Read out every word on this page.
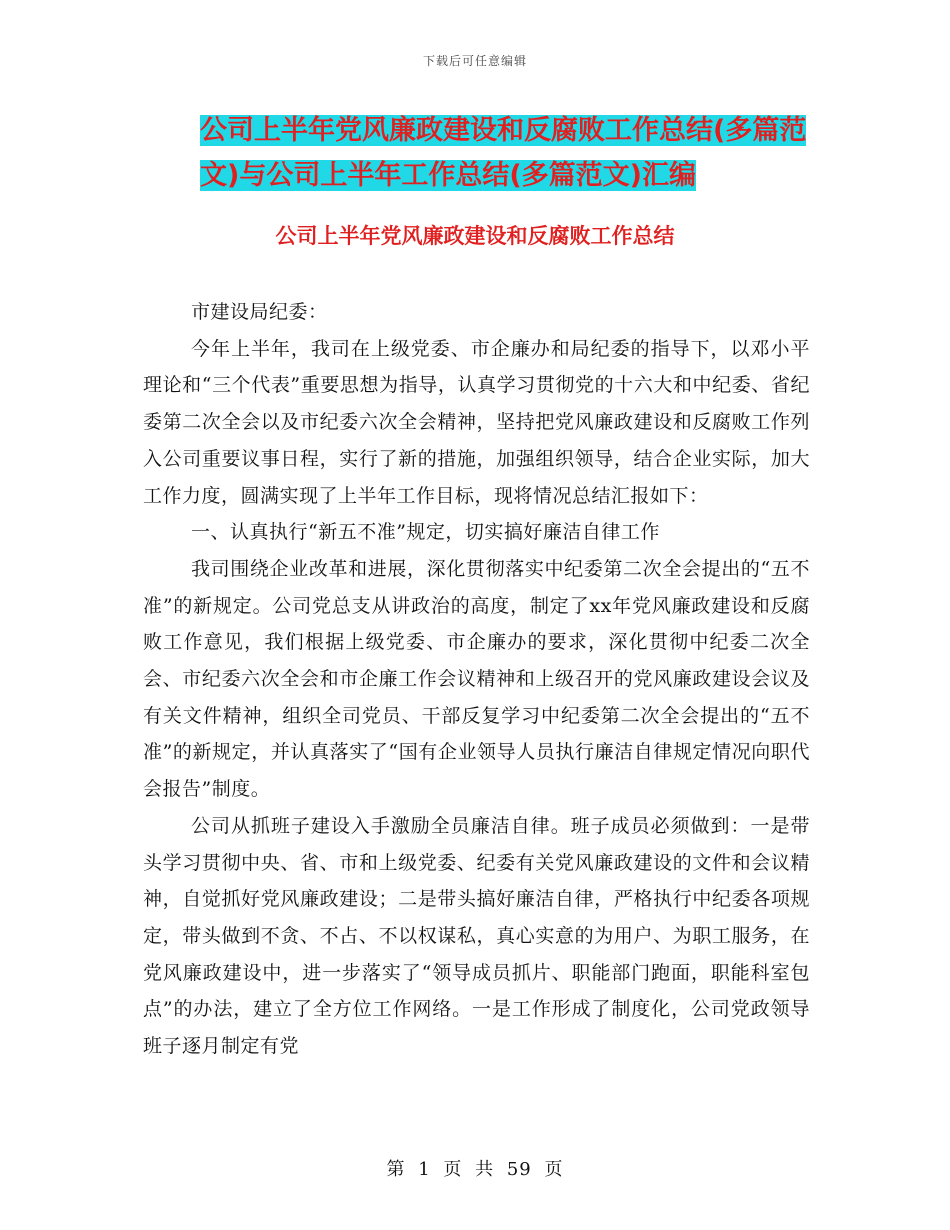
下载后可任意编辑
公司上半年党风廉政建设和反腐败工作总结(多篇范
文)与公司上半年工作总结(多篇范文)汇编
公司上半年党风廉政建设和反腐败工作总结

市建设局纪委：

今年上半年，我司在上级党委、市企廉办和局纪委的指导下，以邓小平理论和“三个代表”重要思想为指导，认真学习贯彻党的十六大和中纪委、省纪委第二次全会以及市纪委六次全会精神，坚持把党风廉政建设和反腐败工作列入公司重要议事日程，实行了新的措施，加强组织领导，结合企业实际，加大工作力度，圆满实现了上半年工作目标，现将情况总结汇报如下：

一、认真执行“新五不准”规定，切实搞好廉洁自律工作

我司围绕企业改革和进展，深化贯彻落实中纪委第二次全会提出的“五不准”的新规定。公司党总支从讲政治的高度，制定了xx年党风廉政建设和反腐败工作意见，我们根据上级党委、市企廉办的要求，深化贯彻中纪委二次全会、市纪委六次全会和市企廉工作会议精神和上级召开的党风廉政建设会议及有关文件精神，组织全司党员、干部反复学习中纪委第二次全会提出的“五不准”的新规定，并认真落实了“国有企业领导人员执行廉洁自律规定情况向职代会报告”制度。

公司从抓班子建设入手激励全员廉洁自律。班子成员必须做到：一是带头学习贯彻中央、省、市和上级党委、纪委有关党风廉政建设的文件和会议精神，自觉抓好党风廉政建设；二是带头搞好廉洁自律，严格执行中纪委各项规定，带头做到不贪、不占、不以权谋私，真心实意的为用户、为职工服务，在党风廉政建设中，进一步落实了“领导成员抓片、职能部门跑面，职能科室包点”的办法，建立了全方位工作网络。一是工作形成了制度化，公司党政领导班子逐月制定有党

第 1 页 共 59 页
